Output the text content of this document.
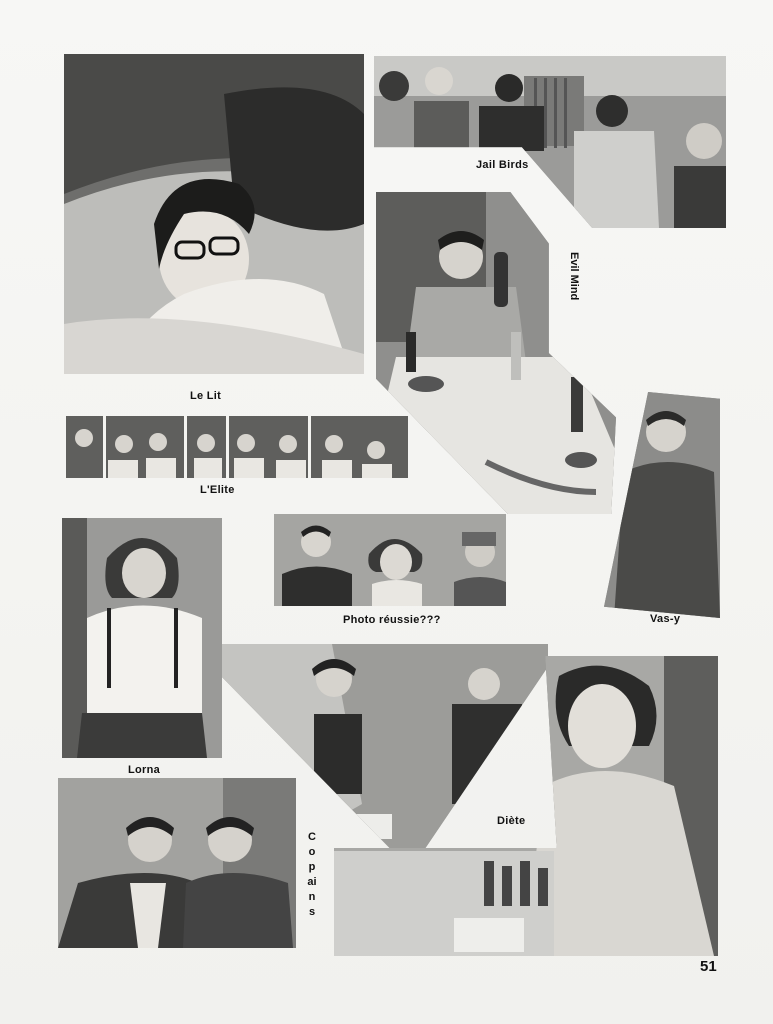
Le Lit
Jail Birds
Evil Mind
L'Elite
Vas-y
Lorna
Photo réussie???
Copains
Diète
51
